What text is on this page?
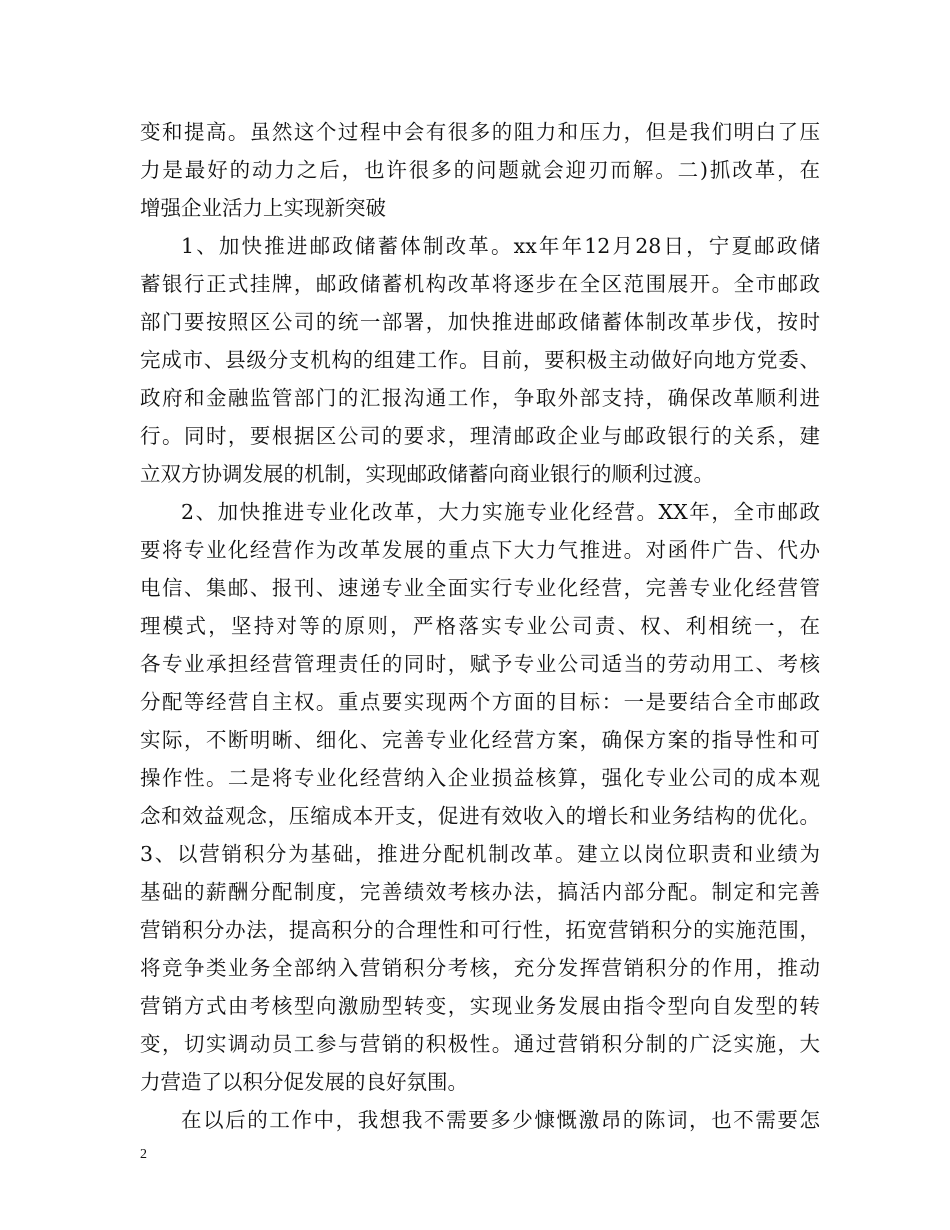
变和提高。虽然这个过程中会有很多的阻力和压力，但是我们明白了压
力是最好的动力之后，也许很多的问题就会迎刃而解。二)抓改革，在
增强企业活力上实现新突破
1、加快推进邮政储蓄体制改革。xx年年12月28日，宁夏邮政储
蓄银行正式挂牌，邮政储蓄机构改革将逐步在全区范围展开。全市邮政
部门要按照区公司的统一部署，加快推进邮政储蓄体制改革步伐，按时
完成市、县级分支机构的组建工作。目前，要积极主动做好向地方党委、
政府和金融监管部门的汇报沟通工作，争取外部支持，确保改革顺利进
行。同时，要根据区公司的要求，理清邮政企业与邮政银行的关系，建
立双方协调发展的机制，实现邮政储蓄向商业银行的顺利过渡。
2、加快推进专业化改革，大力实施专业化经营。XX年，全市邮政
要将专业化经营作为改革发展的重点下大力气推进。对函件广告、代办
电信、集邮、报刊、速递专业全面实行专业化经营，完善专业化经营管
理模式，坚持对等的原则，严格落实专业公司责、权、利相统一，在
各专业承担经营管理责任的同时，赋予专业公司适当的劳动用工、考核
分配等经营自主权。重点要实现两个方面的目标：一是要结合全市邮政
实际，不断明晰、细化、完善专业化经营方案，确保方案的指导性和可
操作性。二是将专业化经营纳入企业损益核算，强化专业公司的成本观
念和效益观念，压缩成本开支，促进有效收入的增长和业务结构的优化。
3、以营销积分为基础，推进分配机制改革。建立以岗位职责和业绩为
基础的薪酬分配制度，完善绩效考核办法，搞活内部分配。制定和完善
营销积分办法，提高积分的合理性和可行性，拓宽营销积分的实施范围，
将竞争类业务全部纳入营销积分考核，充分发挥营销积分的作用，推动
营销方式由考核型向激励型转变，实现业务发展由指令型向自发型的转
变，切实调动员工参与营销的积极性。通过营销积分制的广泛实施，大
力营造了以积分促发展的良好氛围。
在以后的工作中，我想我不需要多少慷慨激昂的陈词，也不需要怎
2
